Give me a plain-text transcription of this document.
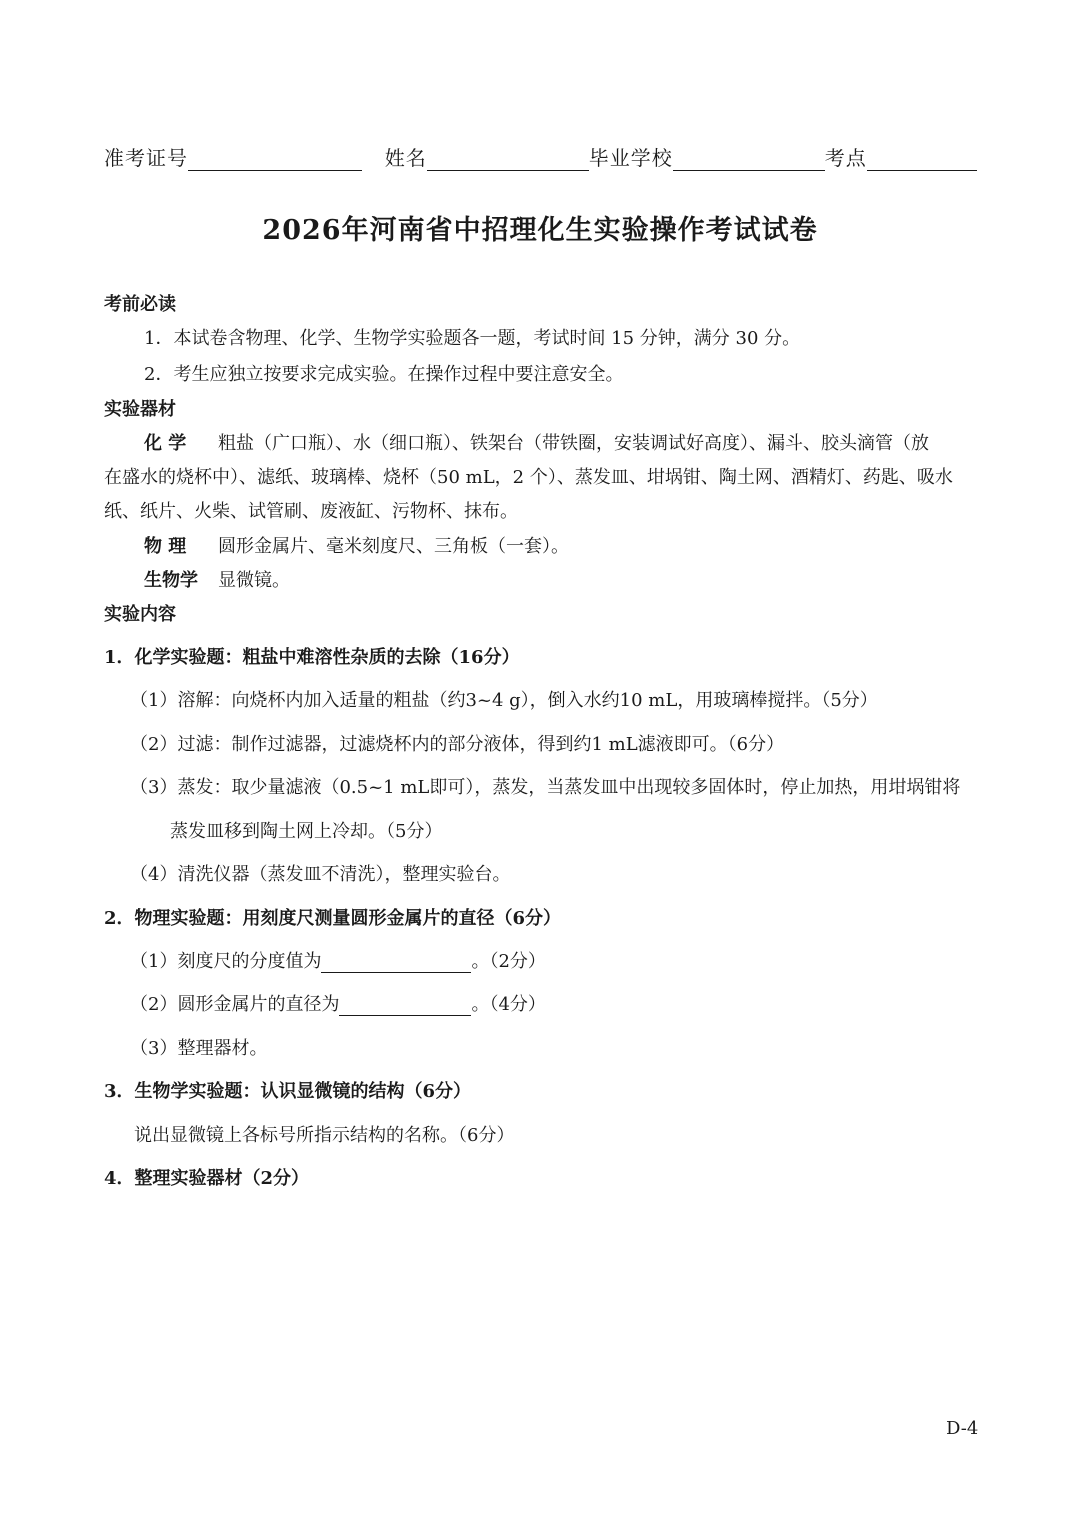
准考证号	姓名	毕业学校	考点
2026年河南省中招理化生实验操作考试试卷
考前必读
1．本试卷含物理、化学、生物学实验题各一题，考试时间 15 分钟，满分 30 分。
2．考生应独立按要求完成实验。在操作过程中要注意安全。
实验器材
化 学 粗盐（广口瓶）、水（细口瓶）、铁架台（带铁圈，安装调试好高度）、漏斗、胶头滴管（放
在盛水的烧杯中）、滤纸、玻璃棒、烧杯（50 mL，2 个）、蒸发皿、坩埚钳、陶土网、酒精灯、药匙、吸水
纸、纸片、火柴、试管刷、废液缸、污物杯、抹布。
物 理 圆形金属片、毫米刻度尺、三角板（一套）。
生物学 显微镜。
实验内容
1．化学实验题：粗盐中难溶性杂质的去除（16分）
（1）溶解：向烧杯内加入适量的粗盐（约3~4 g），倒入水约10 mL，用玻璃棒搅拌。（5分）
（2）过滤：制作过滤器，过滤烧杯内的部分液体，得到约1 mL滤液即可。（6分）
（3）蒸发：取少量滤液（0.5~1 mL即可），蒸发，当蒸发皿中出现较多固体时，停止加热，用坩埚钳将
蒸发皿移到陶土网上冷却。（5分）
（4）清洗仪器（蒸发皿不清洗），整理实验台。
2．物理实验题：用刻度尺测量圆形金属片的直径（6分）
（1）刻度尺的分度值为	。（2分）
（2）圆形金属片的直径为	。（4分）
（3）整理器材。
3．生物学实验题：认识显微镜的结构（6分）
说出显微镜上各标号所指示结构的名称。（6分）
4．整理实验器材（2分）
D-4
